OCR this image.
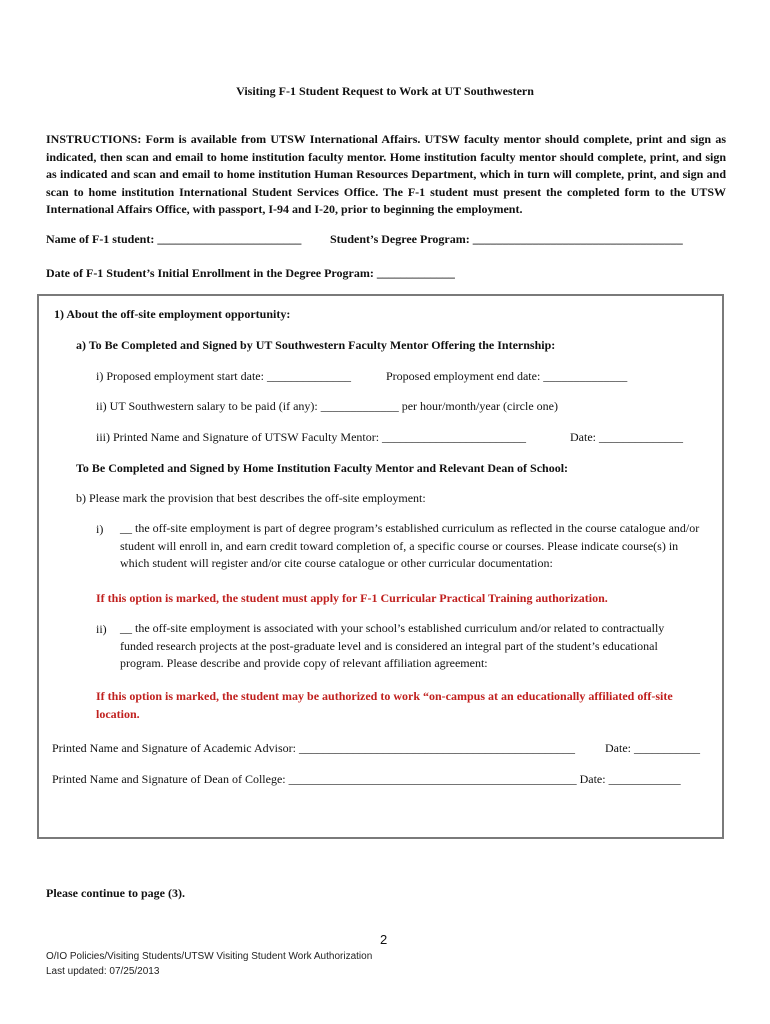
Visiting F-1 Student Request to Work at UT Southwestern
INSTRUCTIONS: Form is available from UTSW International Affairs. UTSW faculty mentor should complete, print and sign as indicated, then scan and email to home institution faculty mentor. Home institution faculty mentor should complete, print, and sign as indicated and scan and email to home institution Human Resources Department, which in turn will complete, print, and sign and scan to home institution International Student Services Office. The F-1 student must present the completed form to the UTSW International Affairs Office, with passport, I-94 and I-20, prior to beginning the employment.
Name of F-1 student: ________________________ Student’s Degree Program: ___________________________________
Date of F-1 Student’s Initial Enrollment in the Degree Program: _____________
1) About the off-site employment opportunity:
a) To Be Completed and Signed by UT Southwestern Faculty Mentor Offering the Internship:
i) Proposed employment start date: ______________	Proposed employment end date: ______________
ii) UT Southwestern salary to be paid (if any): _____________ per hour/month/year (circle one)
iii) Printed Name and Signature of UTSW Faculty Mentor: ________________________	Date: ______________
To Be Completed and Signed by Home Institution Faculty Mentor and Relevant Dean of School:
b) Please mark the provision that best describes the off-site employment:
i) __ the off-site employment is part of degree program’s established curriculum as reflected in the course catalogue and/or student will enroll in, and earn credit toward completion of, a specific course or courses. Please indicate course(s) in which student will register and/or cite course catalogue or other curricular documentation:
If this option is marked, the student must apply for F-1 Curricular Practical Training authorization.
ii) __ the off-site employment is associated with your school’s established curriculum and/or related to contractually funded research projects at the post-graduate level and is considered an integral part of the student’s educational program. Please describe and provide copy of relevant affiliation agreement:
If this option is marked, the student may be authorized to work “on-campus at an educationally affiliated off-site location.
Printed Name and Signature of Academic Advisor: ______________________________________________	Date: ___________
Printed Name and Signature of Dean of College: ________________________________________________ Date: ____________
Please continue to page (3).
2
O/IO Policies/Visiting Students/UTSW Visiting Student Work Authorization
Last updated: 07/25/2013
